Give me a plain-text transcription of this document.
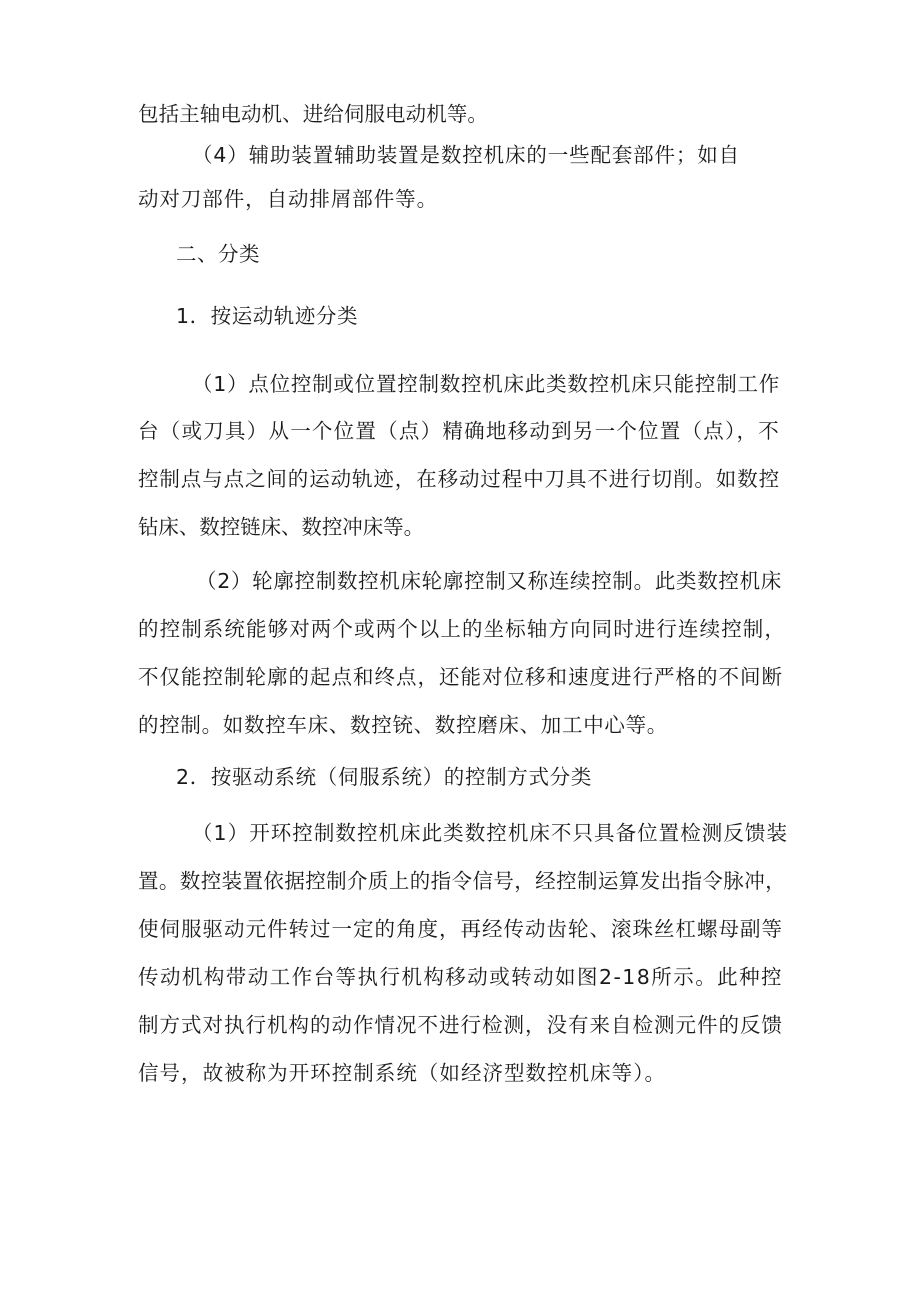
包括主轴电动机、进给伺服电动机等。

（4）辅助装置辅助装置是数控机床的一些配套部件；如自

动对刀部件，自动排屑部件等。

二、分类

1．按运动轨迹分类

（1）点位控制或位置控制数控机床此类数控机床只能控制工作

台（或刀具）从一个位置（点）精确地移动到另一个位置（点），不

控制点与点之间的运动轨迹，在移动过程中刀具不进行切削。如数控

钻床、数控链床、数控冲床等。

（2）轮廓控制数控机床轮廓控制又称连续控制。此类数控机床

的控制系统能够对两个或两个以上的坐标轴方向同时进行连续控制，

不仅能控制轮廓的起点和终点，还能对位移和速度进行严格的不间断

的控制。如数控车床、数控铳、数控磨床、加工中心等。

2．按驱动系统（伺服系统）的控制方式分类

（1）开环控制数控机床此类数控机床不只具备位置检测反馈装

置。数控装置依据控制介质上的指令信号，经控制运算发出指令脉冲，

使伺服驱动元件转过一定的角度，再经传动齿轮、滚珠丝杠螺母副等

传动机构带动工作台等执行机构移动或转动如图2-18所示。此种控

制方式对执行机构的动作情况不进行检测，没有来自检测元件的反馈

信号，故被称为开环控制系统（如经济型数控机床等）。
